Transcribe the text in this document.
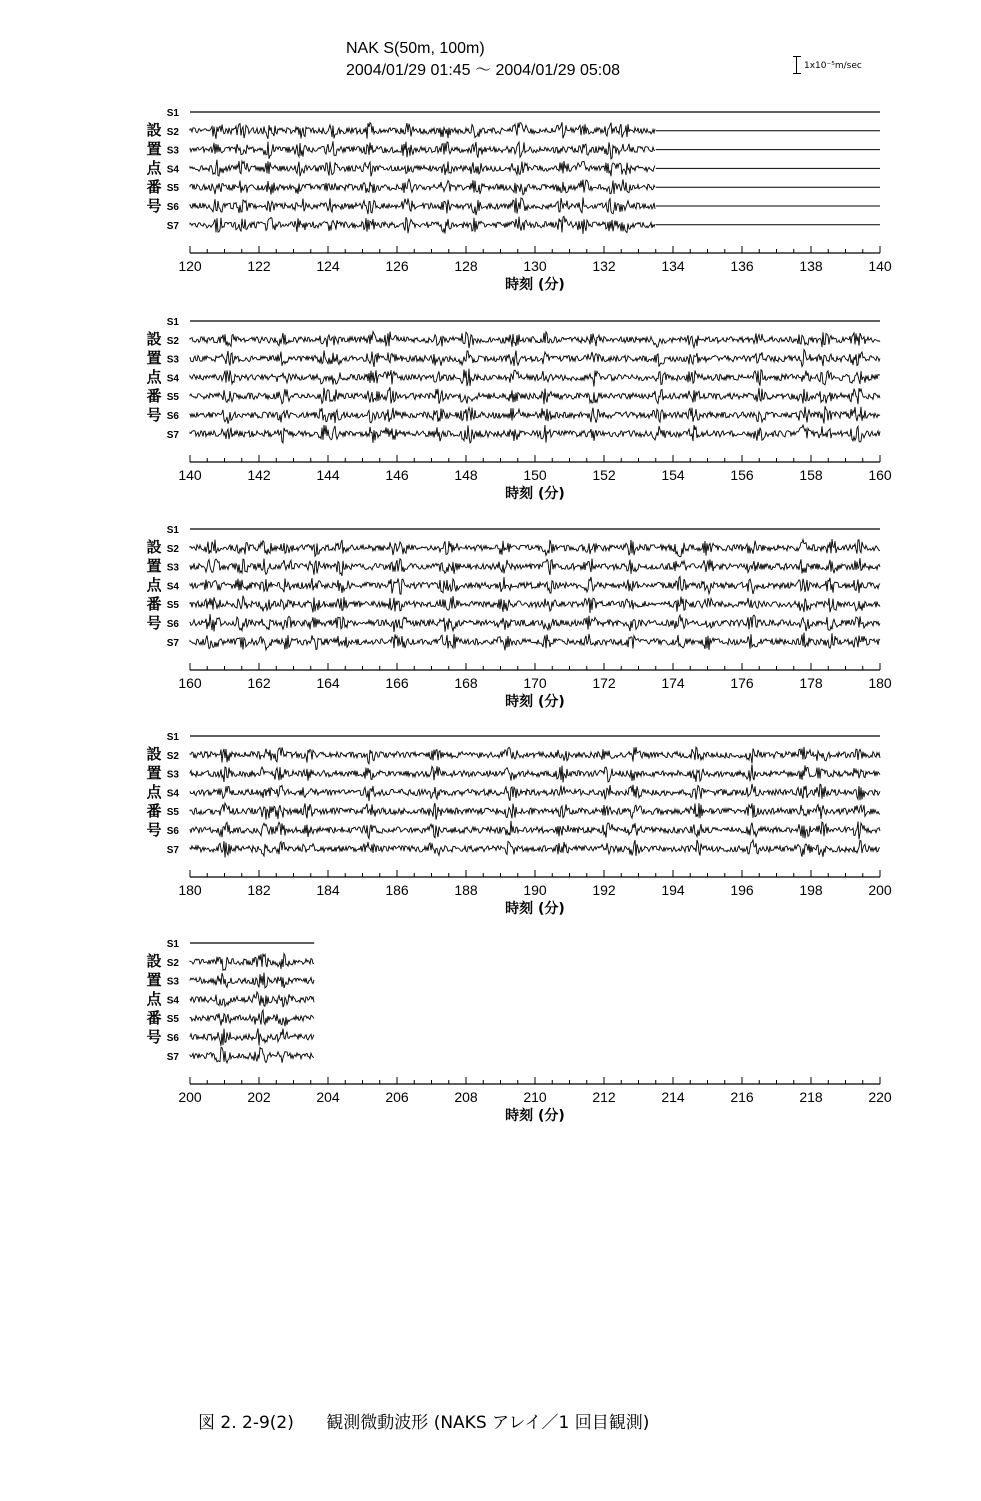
NAK S(50m, 100m)
2004/01/29 01:45 ～ 2004/01/29 05:08	1x10⁻⁵m/sec
設
置
点
番
号
S1
S2
S3
S4
S5
S6
S7
120	122	124	126	128	130	132	134	136	138	140
時刻 (分)
設
置
点
番
号
S1
S2
S3
S4
S5
S6
S7
140	142	144	146	148	150	152	154	156	158	160
時刻 (分)
設
置
点
番
号
S1
S2
S3
S4
S5
S6
S7
160	162	164	166	168	170	172	174	176	178	180
時刻 (分)
設
置
点
番
号
S1
S2
S3
S4
S5
S6
S7
180	182	184	186	188	190	192	194	196	198	200
時刻 (分)
設
置
点
番
号
S1
S2
S3
S4
S5
S6
S7
200	202	204	206	208	210	212	214	216	218	220
時刻 (分)
図 2. 2-9(2)      観測微動波形 (NAKS アレイ／1 回目観測)
